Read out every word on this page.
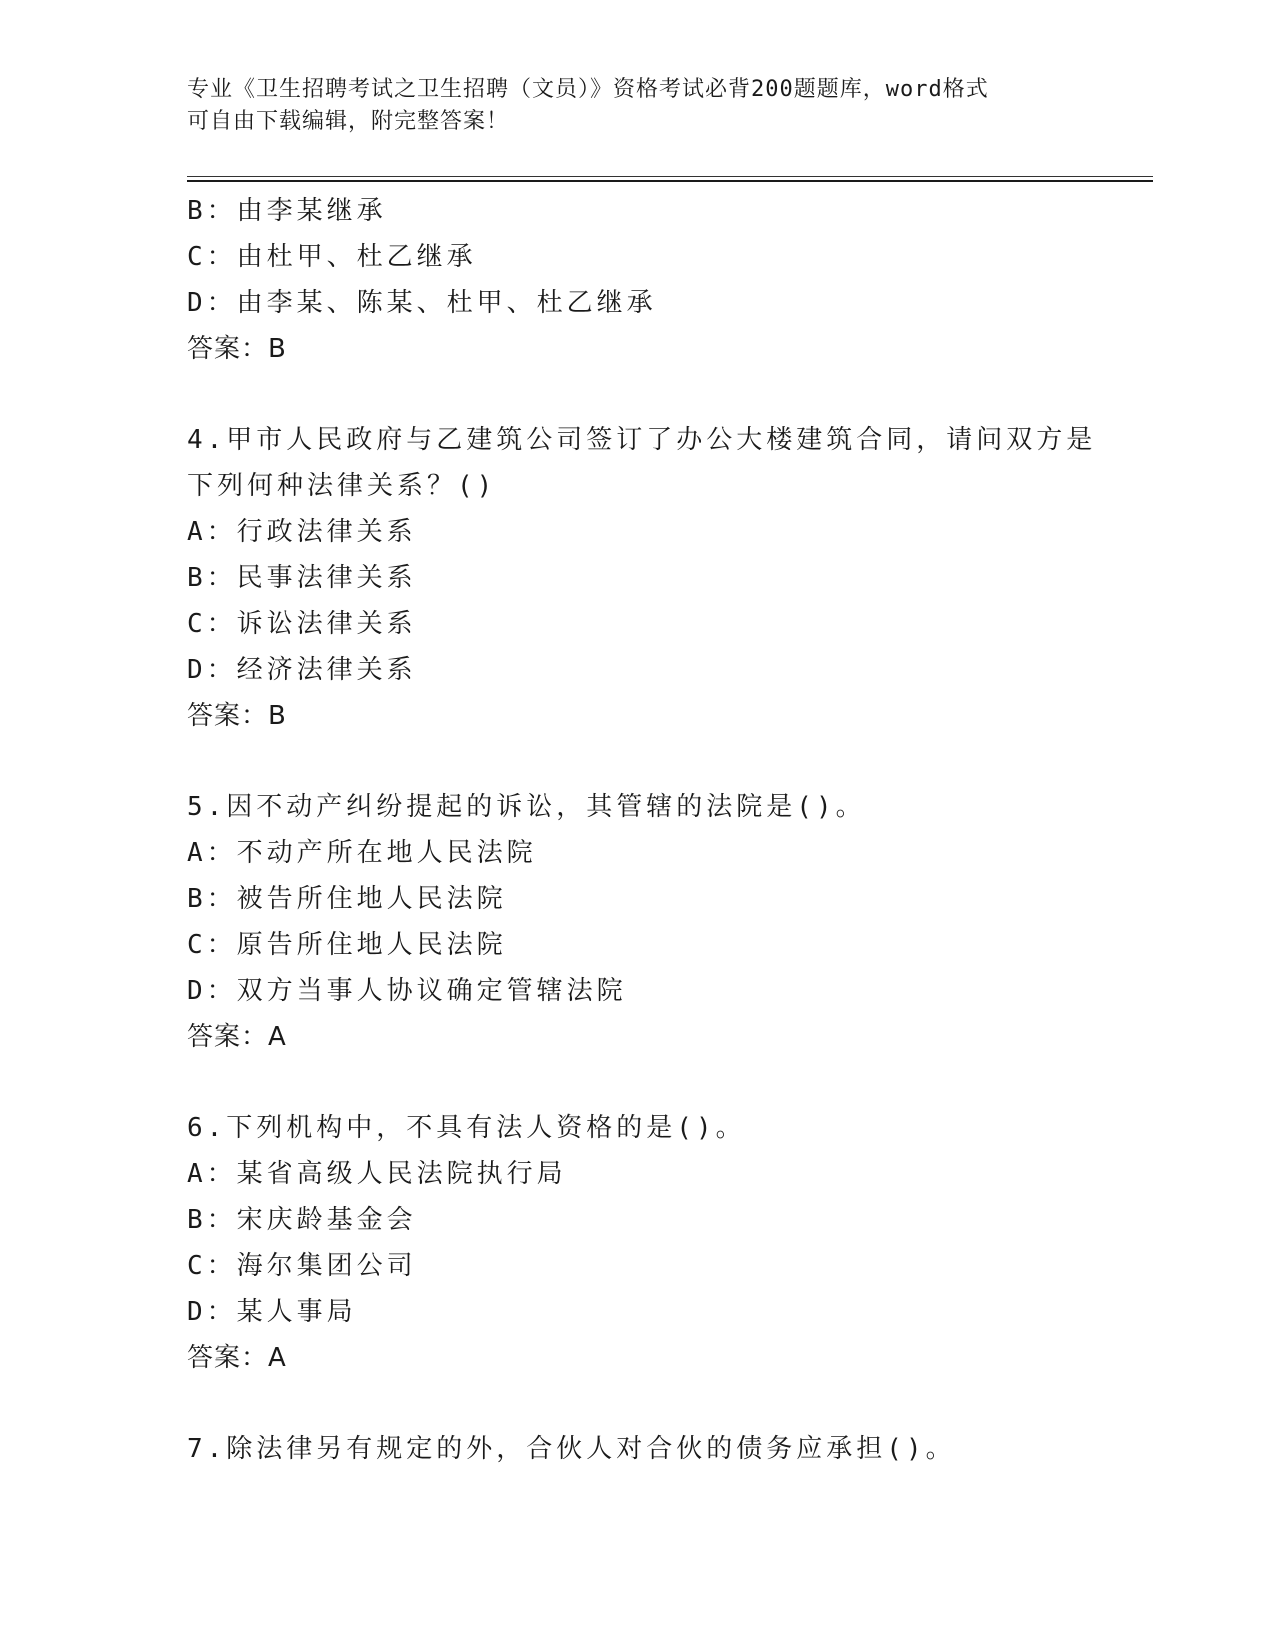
专业《卫生招聘考试之卫生招聘（文员）》资格考试必背200题题库，word格式
可自由下载编辑，附完整答案！
B：由李某继承
C：由杜甲、杜乙继承
D：由李某、陈某、杜甲、杜乙继承
答案：B
4.甲市人民政府与乙建筑公司签订了办公大楼建筑合同，请问双方是
下列何种法律关系？()
A：行政法律关系
B：民事法律关系
C：诉讼法律关系
D：经济法律关系
答案：B
5.因不动产纠纷提起的诉讼，其管辖的法院是()。
A：不动产所在地人民法院
B：被告所住地人民法院
C：原告所住地人民法院
D：双方当事人协议确定管辖法院
答案：A
6.下列机构中，不具有法人资格的是()。
A：某省高级人民法院执行局
B：宋庆龄基金会
C：海尔集团公司
D：某人事局
答案：A
7.除法律另有规定的外，合伙人对合伙的债务应承担()。
